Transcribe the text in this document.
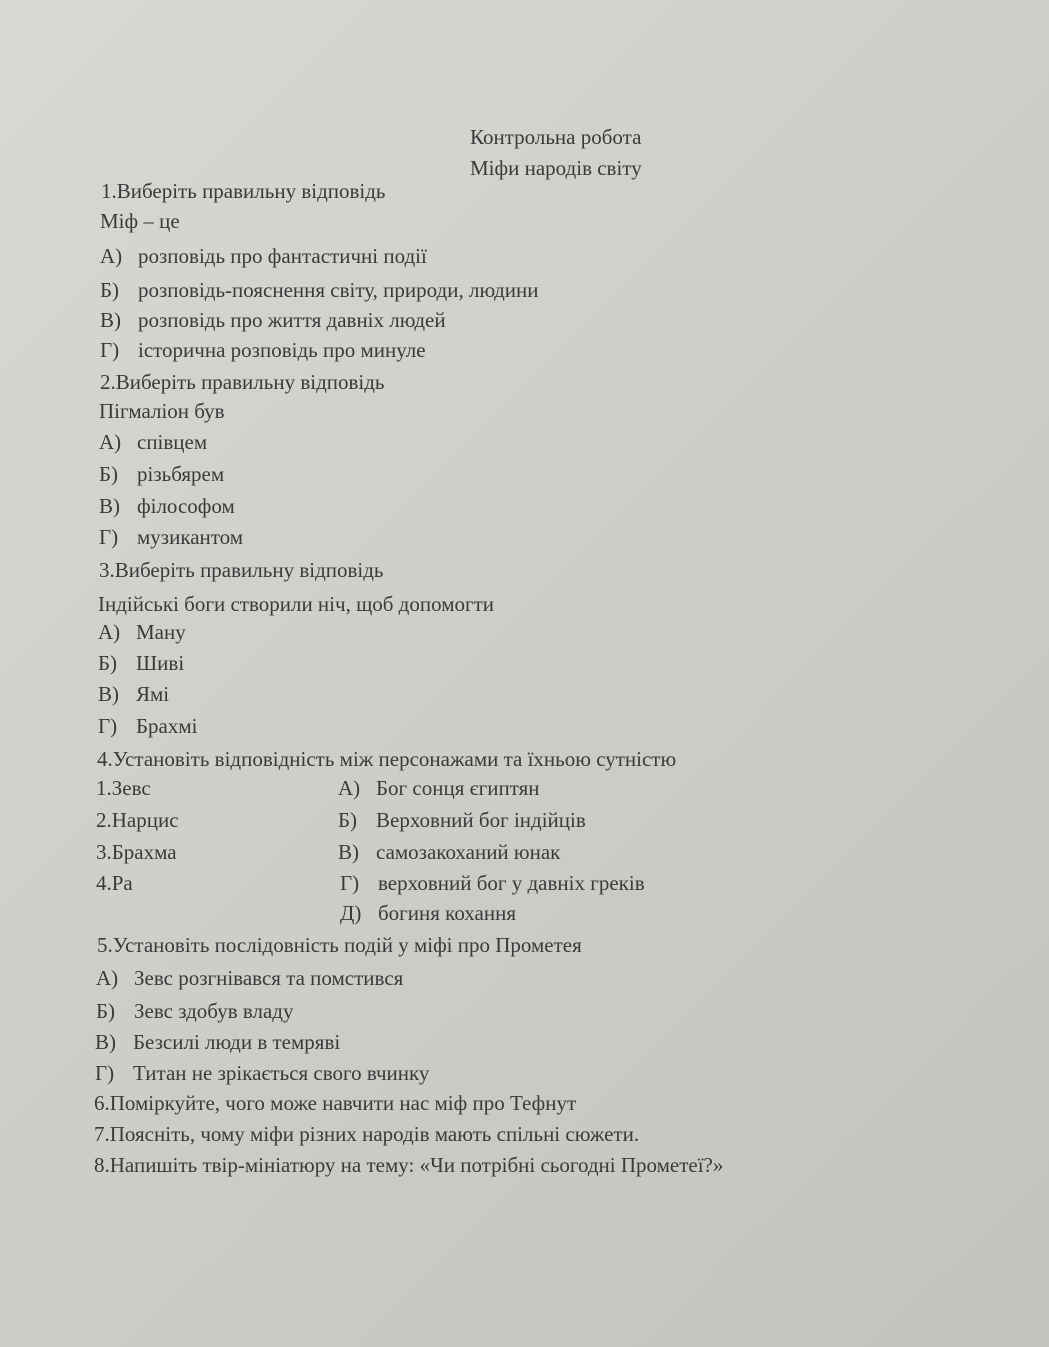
Контрольна робота
Міфи народів світу
1.Виберіть правильну відповідь
Міф – це
А) розповідь про фантастичні події
Б) розповідь-пояснення світу, природи, людини
В) розповідь про життя давніх людей
Г) історична розповідь про минуле
2.Виберіть правильну відповідь
Пігмаліон був
А) співцем
Б) різьбярем
В) філософом
Г) музикантом
3.Виберіть правильну відповідь
Індійські боги створили ніч, щоб допомогти
А) Ману
Б) Шиві
В) Ямі
Г) Брахмі
4.Установіть відповідність між персонажами та їхньою сутністю
1.Зевс
2.Нарцис
3.Брахма
4.Ра
А) Бог сонця єгиптян
Б) Верховний бог індійців
В) самозакоханий юнак
Г) верховний бог у давніх греків
Д) богиня кохання
5.Установіть послідовність подій у міфі про Прометея
А) Зевс розгнівався та помстився
Б) Зевс здобув владу
В) Безсилі люди в темряві
Г) Титан не зрікається свого вчинку
6.Поміркуйте, чого може навчити нас міф про Тефнут
7.Поясніть, чому міфи різних народів мають спільні сюжети.
8.Напишіть твір-мініатюру на тему: «Чи потрібні сьогодні Прометеї?»
